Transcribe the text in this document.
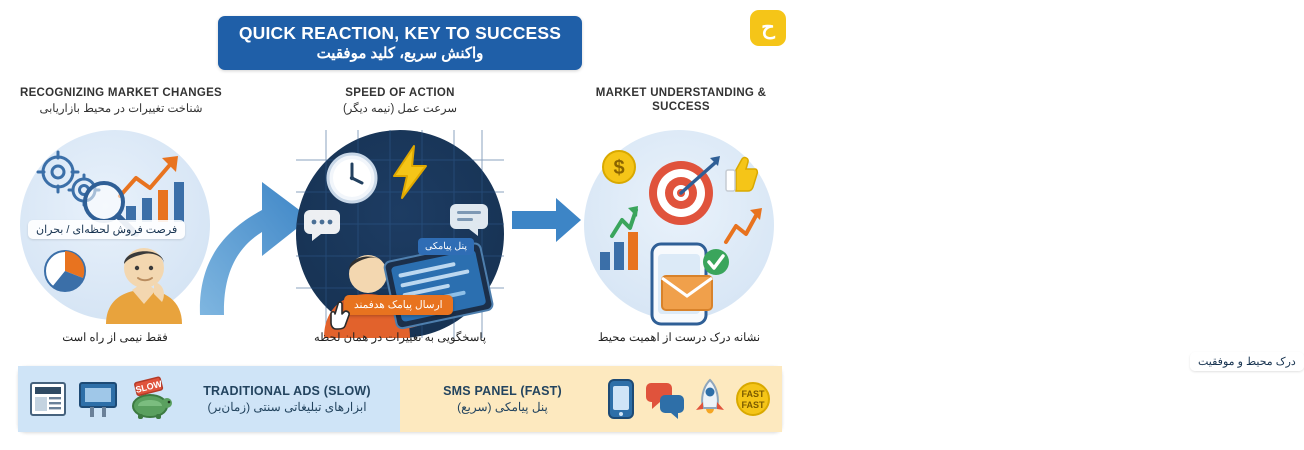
QUICK REACTION, KEY TO SUCCESS
واکنش سریع، کلید موفقیت
ح
RECOGNIZING MARKET CHANGES
شناخت تغییرات در محیط بازاریابی
SPEED OF ACTION
سرعت عمل (نیمه دیگر)
MARKET UNDERSTANDING & SUCCESS
فرصت فروش لحظه‌ای / بحران
پنل پیامکی
ارسال پیامک هدفمند
$
درک محیط و موفقیت
فقط نیمی از راه است	پاسخگویی به تغییرات در همان لحظه	نشانه درک درست از اهمیت محیط
SLOW	TRADITIONAL ADS (SLOW)
ابزارهای تبلیغاتی سنتی (زمان‌بر)
SMS PANEL (FAST)
پنل پیامکی (سریع)
FAST
FAST
